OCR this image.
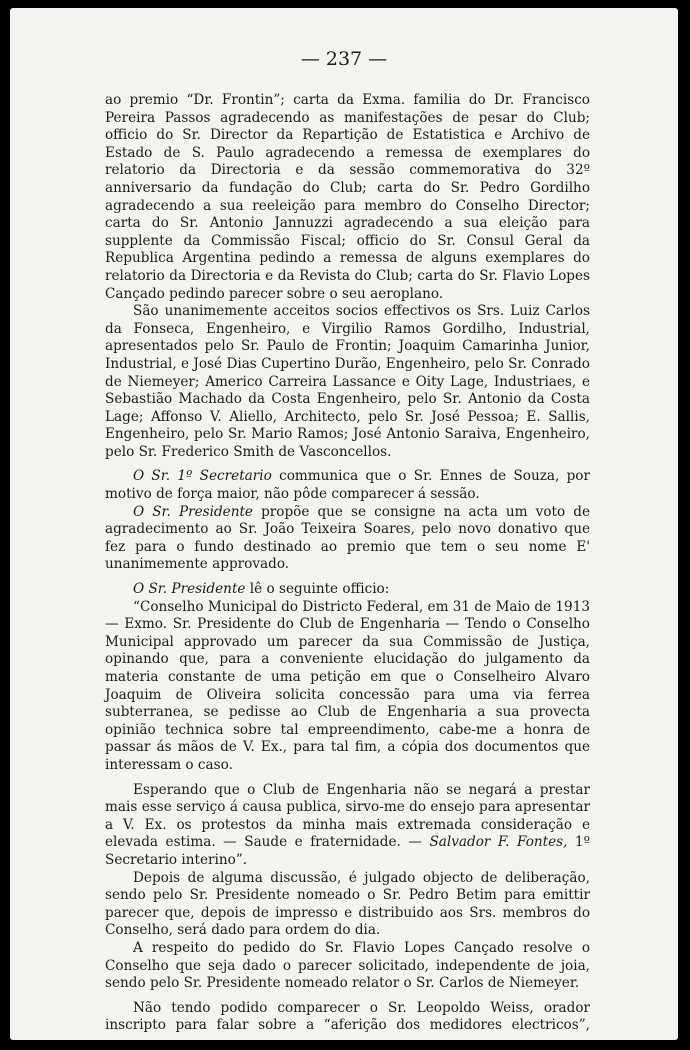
— 237 —

ao premio “Dr. Frontin”; carta da Exma. familia do Dr. Francisco Pereira Passos agradecendo as manifestações de pesar do Club; officio do Sr. Director da Repartição de Estatistica e Archivo de Estado de S. Paulo agradecendo a remessa de exemplares do relatorio da Directoria e da sessão commemorativa do 32º anniversario da fundação do Club; carta do Sr. Pedro Gordilho agradecendo a sua reeleição para membro do Conselho Director; carta do Sr. Antonio Jannuzzi agradecendo a sua eleição para supplente da Commissão Fiscal; officio do Sr. Consul Geral da Republica Argentina pedindo a remessa de alguns exemplares do relatorio da Directoria e da Revista do Club; carta do Sr. Flavio Lopes Cançado pedindo parecer sobre o seu aeroplano.

São unanimemente acceitos socios effectivos os Srs. Luiz Carlos da Fonseca, Engenheiro, e Virgilio Ramos Gordilho, Industrial, apresentados pelo Sr. Paulo de Frontin; Joaquim Camarinha Junior, Industrial, e José Dias Cupertino Durão, Engenheiro, pelo Sr. Conrado de Niemeyer; Americo Carreira Lassance e Oity Lage, Industriaes, e Sebastião Machado da Costa Engenheiro, pelo Sr. Antonio da Costa Lage; Affonso V. Aliello, Architecto, pelo Sr. José Pessoa; E. Sallis, Engenheiro, pelo Sr. Mario Ramos; José Antonio Saraiva, Engenheiro, pelo Sr. Frederico Smith de Vasconcellos.

O Sr. 1º Secretario communica que o Sr. Ennes de Souza, por motivo de força maior, não pôde comparecer á sessão.

O Sr. Presidente propõe que se consigne na acta um voto de agradecimento ao Sr. João Teixeira Soares, pelo novo donativo que fez para o fundo destinado ao premio que tem o seu nome E' unanimemente approvado.

O Sr. Presidente lê o seguinte officio:

“Conselho Municipal do Districto Federal, em 31 de Maio de 1913 — Exmo. Sr. Presidente do Club de Engenharia — Tendo o Conselho Municipal approvado um parecer da sua Commissão de Justiça, opinando que, para a conveniente elucidação do julgamento da materia constante de uma petição em que o Conselheiro Alvaro Joaquim de Oliveira solicita concessão para uma via ferrea subterranea, se pedisse ao Club de Engenharia a sua provecta opinião technica sobre tal empreendimento, cabe-me a honra de passar ás mãos de V. Ex., para tal fim, a cópia dos documentos que interessam o caso.

Esperando que o Club de Engenharia não se negará a prestar mais esse serviço á causa publica, sirvo-me do ensejo para apresentar a V. Ex. os protestos da minha mais extremada consideração e elevada estima. — Saude e fraternidade. — Salvador F. Fontes, 1º Secretario interino”.

Depois de alguma discussão, é julgado objecto de deliberação, sendo pelo Sr. Presidente nomeado o Sr. Pedro Betim para emittir parecer que, depois de impresso e distribuido aos Srs. membros do Conselho, será dado para ordem do dia.

A respeito do pedido do Sr. Flavio Lopes Cançado resolve o Conselho que seja dado o parecer solicitado, independente de joia, sendo pelo Sr. Presidente nomeado relator o Sr. Carlos de Niemeyer.

Não tendo podido comparecer o Sr. Leopoldo Weiss, orador inscripto para falar sobre a “aferição dos medidores electricos”,
